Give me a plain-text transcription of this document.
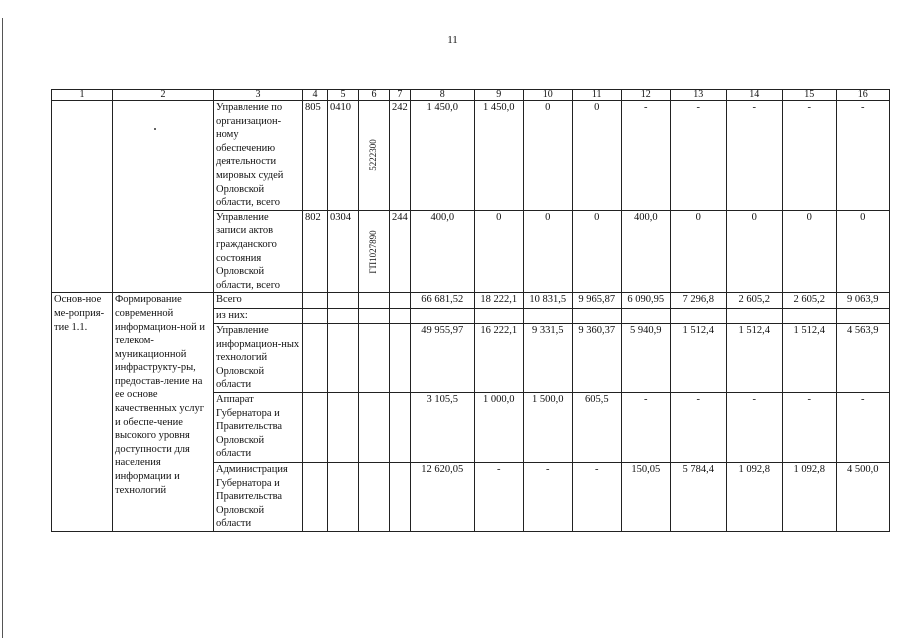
11
1	2	3	4	5	6	7	8	9	10	11	12	13	14	15	16
		Управление по организацион-ному обеспечению деятельности мировых судей Орловской области, всего	805	0410	5222300	242	1 450,0	1 450,0	0	0	-	-	-	-	-
		Управление записи актов гражданского состояния Орловской области, всего	802	0304	ГП1027890	244	400,0	0	0	0	400,0	0	0	0	0
Основ-ное ме-роприя-тие 1.1.	Формирование современной информацион-ной и телеком-муникационной инфраструкту-ры, предостав-ление на ее основе качественных услуг и обеспе-чение высокого уровня доступности для населения информации и технологий	Всего					66 681,52	18 222,1	10 831,5	9 965,87	6 090,95	7 296,8	2 605,2	2 605,2	9 063,9
		из них:													
		Управление информацион-ных технологий Орловской области					49 955,97	16 222,1	9 331,5	9 360,37	5 940,9	1 512,4	1 512,4	1 512,4	4 563,9
		Аппарат Губернатора и Правительства Орловской области					3 105,5	1 000,0	1 500,0	605,5	-	-	-	-	-
		Администрация Губернатора и Правительства Орловской области					12 620,05	-	-	-	150,05	5 784,4	1 092,8	1 092,8	4 500,0
